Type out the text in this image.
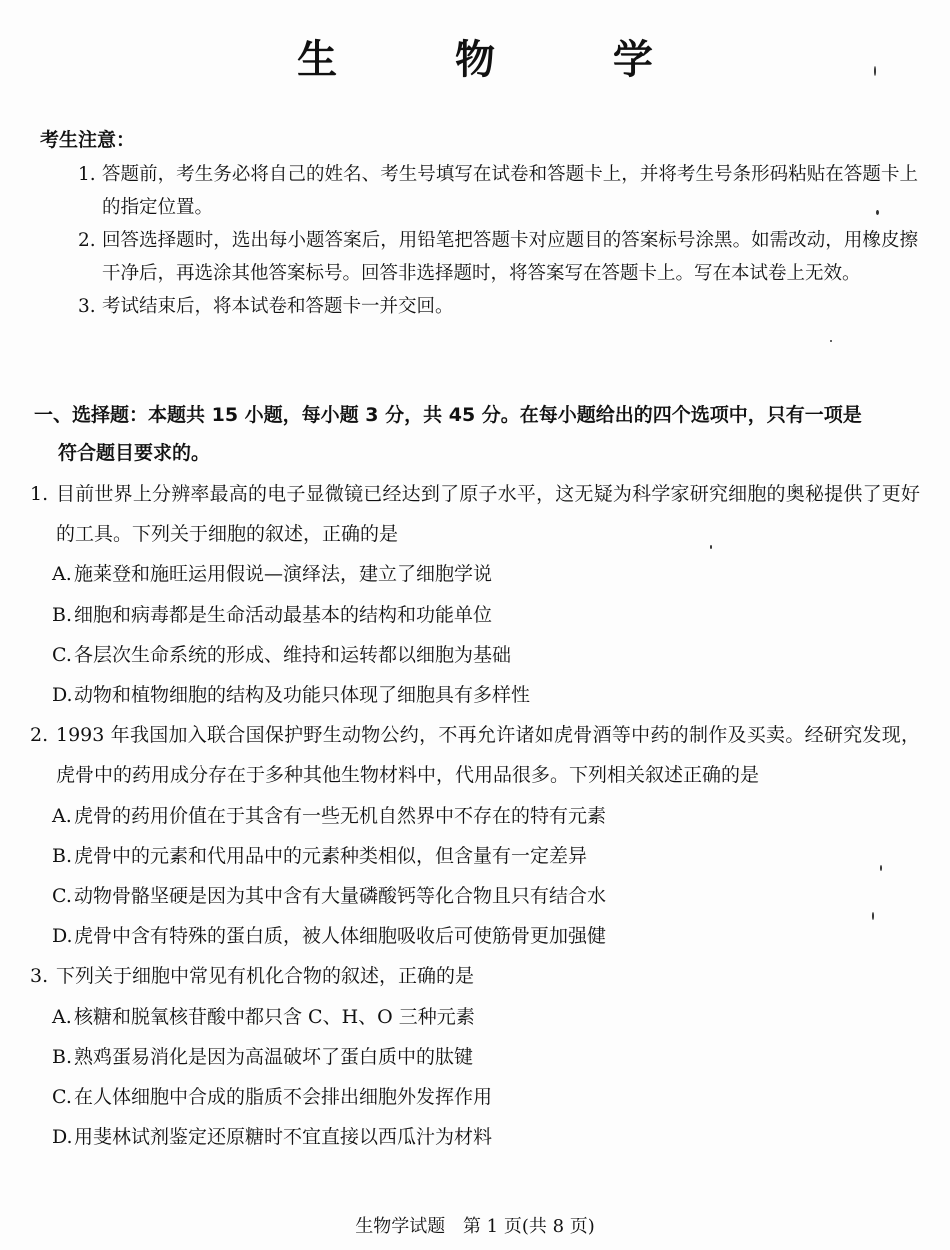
生 物 学
考生注意：
1. 答题前，考生务必将自己的姓名、考生号填写在试卷和答题卡上，并将考生号条形码粘贴在答题卡上的指定位置。
2. 回答选择题时，选出每小题答案后，用铅笔把答题卡对应题目的答案标号涂黑。如需改动，用橡皮擦干净后，再选涂其他答案标号。回答非选择题时，将答案写在答题卡上。写在本试卷上无效。
3. 考试结束后，将本试卷和答题卡一并交回。
一、选择题：本题共 15 小题，每小题 3 分，共 45 分。在每小题给出的四个选项中，只有一项是
符合题目要求的。
1. 目前世界上分辨率最高的电子显微镜已经达到了原子水平，这无疑为科学家研究细胞的奥秘提供了更好的工具。下列关于细胞的叙述，正确的是
A. 施莱登和施旺运用假说—演绎法，建立了细胞学说
B. 细胞和病毒都是生命活动最基本的结构和功能单位
C. 各层次生命系统的形成、维持和运转都以细胞为基础
D.动物和植物细胞的结构及功能只体现了细胞具有多样性
2. 1993 年我国加入联合国保护野生动物公约，不再允许诸如虎骨酒等中药的制作及买卖。经研究发现，虎骨中的药用成分存在于多种其他生物材料中，代用品很多。下列相关叙述正确的是
A. 虎骨的药用价值在于其含有一些无机自然界中不存在的特有元素
B. 虎骨中的元素和代用品中的元素种类相似，但含量有一定差异
C. 动物骨骼坚硬是因为其中含有大量磷酸钙等化合物且只有结合水
D.虎骨中含有特殊的蛋白质，被人体细胞吸收后可使筋骨更加强健
3. 下列关于细胞中常见有机化合物的叙述，正确的是
A. 核糖和脱氧核苷酸中都只含 C、H、O 三种元素
B. 熟鸡蛋易消化是因为高温破坏了蛋白质中的肽键
C. 在人体细胞中合成的脂质不会排出细胞外发挥作用
D.用斐林试剂鉴定还原糖时不宜直接以西瓜汁为材料
生物学试题 第 1 页(共 8 页)
